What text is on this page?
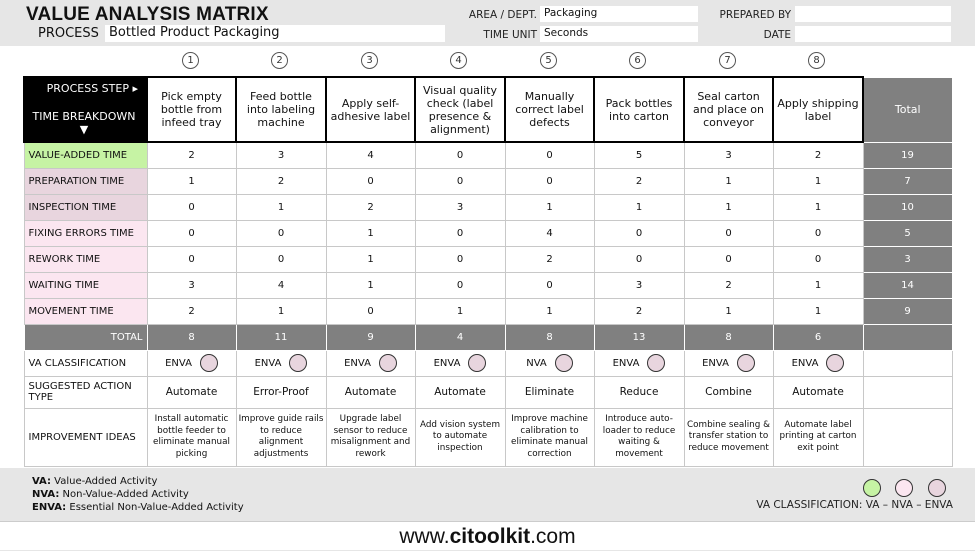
VALUE ANALYSIS MATRIX
PROCESS Bottled Product Packaging
AREA / DEPT. Packaging
TIME UNIT Seconds
PREPARED BY
DATE
1	2	3	4	5	6	7	8
PROCESS STEP ▸
TIME BREAKDOWN ▼	Pick empty bottle from infeed tray	Feed bottle into labeling machine	Apply self-adhesive label	Visual quality check (label presence & alignment)	Manually correct label defects	Pack bottles into carton	Seal carton and place on conveyor	Apply shipping label	Total
VALUE-ADDED TIME	2	3	4	0	0	5	3	2	19
PREPARATION TIME	1	2	0	0	0	2	1	1	7
INSPECTION TIME	0	1	2	3	1	1	1	1	10
FIXING ERRORS TIME	0	0	1	0	4	0	0	0	5
REWORK TIME	0	0	1	0	2	0	0	0	3
WAITING TIME	3	4	1	0	0	3	2	1	14
MOVEMENT TIME	2	1	0	1	1	2	1	1	9
TOTAL	8	11	9	4	8	13	8	6	
VA CLASSIFICATION	ENVA	ENVA	ENVA	ENVA	NVA	ENVA	ENVA	ENVA	
SUGGESTED ACTION TYPE	Automate	Error-Proof	Automate	Automate	Eliminate	Reduce	Combine	Automate	
IMPROVEMENT IDEAS	Install automatic bottle feeder to eliminate manual picking	Improve guide rails to reduce alignment adjustments	Upgrade label sensor to reduce misalignment and rework	Add vision system to automate inspection	Improve machine calibration to eliminate manual correction	Introduce auto-loader to reduce waiting & movement	Combine sealing & transfer station to reduce movement	Automate label printing at carton exit point	
VA: Value-Added Activity
NVA: Non-Value-Added Activity
ENVA: Essential Non-Value-Added Activity	VA CLASSIFICATION: VA – NVA – ENVA
www.citoolkit.com
